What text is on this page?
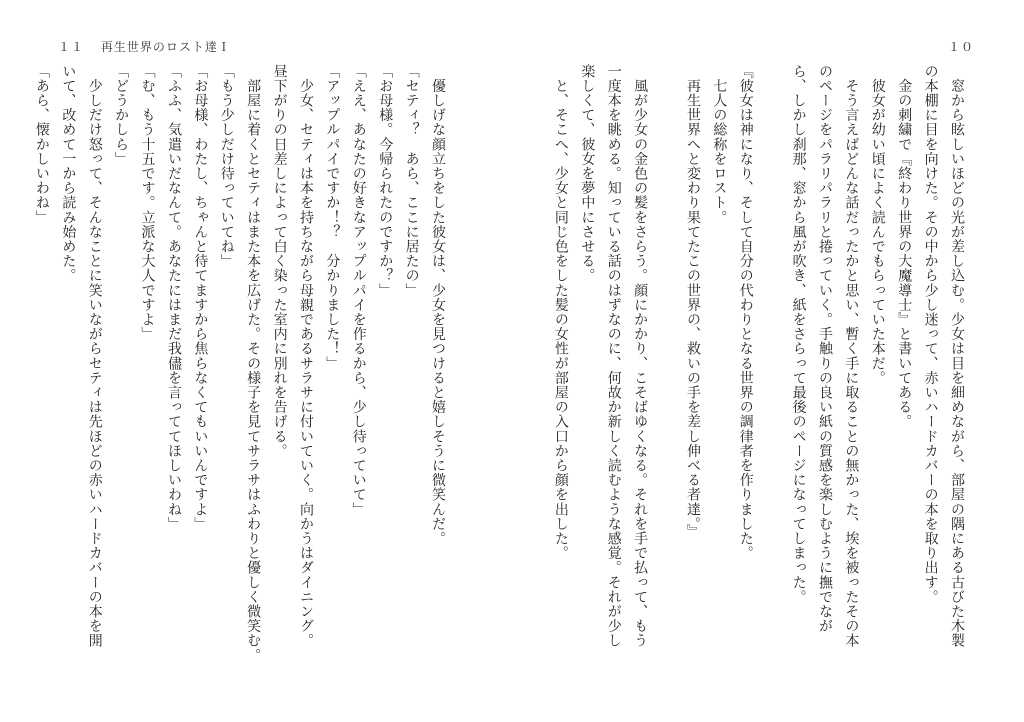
１１ 再生世界のロスト達Ｉ	１０
　窓から眩しいほどの光が差し込む。少女は目を細めながら、部屋の隅にある古びた木製
の本棚に目を向けた。その中から少し迷って、赤いハードカバーの本を取り出す。
　金の刺繍で『終わり世界の大魔導士』と書いてある。
　彼女が幼い頃によく読んでもらっていた本だ。
　そう言えばどんな話だったかと思い、暫く手に取ることの無かった、埃を被ったその本
のページをパラリパラリと捲っていく。手触りの良い紙の質感を楽しむように撫でなが
ら、しかし刹那、窓から風が吹き、紙をさらって最後のページになってしまった。

『彼女は神になり、そして自分の代わりとなる世界の調律者を作りました。
　七人の総称をロスト。
　再生世界へと変わり果てたこの世界の、救いの手を差し伸べる者達。』

　風が少女の金色の髪をさらう。顔にかかり、こそばゆくなる。それを手で払って、もう
一度本を眺める。知っている話のはずなのに、何故か新しく読むような感覚。それが少し
楽しくて、彼女を夢中にさせる。
　と、そこへ、少女と同じ色をした髪の女性が部屋の入口から顔を出した。
　優しげな顔立ちをした彼女は、少女を見つけると嬉しそうに微笑んだ。
「セティ？　あら、ここに居たの」
「お母様。今帰られたのですか？」
「ええ、あなたの好きなアップルパイを作るから、少し待っていて」
「アップルパイですか！？　分かりました！」
　少女、セティは本を持ちながら母親であるサラサに付いていく。向かうはダイニング。
昼下がりの日差しによって白く染った室内に別れを告げる。
　部屋に着くとセティはまた本を広げた。その様子を見てサラサはふわりと優しく微笑む。
「もう少しだけ待っていてね」
「お母様、わたし、ちゃんと待てますから焦らなくてもいいんですよ」
「ふふ、気遣いだなんて。あなたにはまだ我儘を言っててほしいわね」
「む、もう十五です。立派な大人ですよ」
「どうかしら」
　少しだけ怒って、そんなことに笑いながらセティは先ほどの赤いハードカバーの本を開
いて、改めて一から読み始めた。
「あら、懐かしいわね」
